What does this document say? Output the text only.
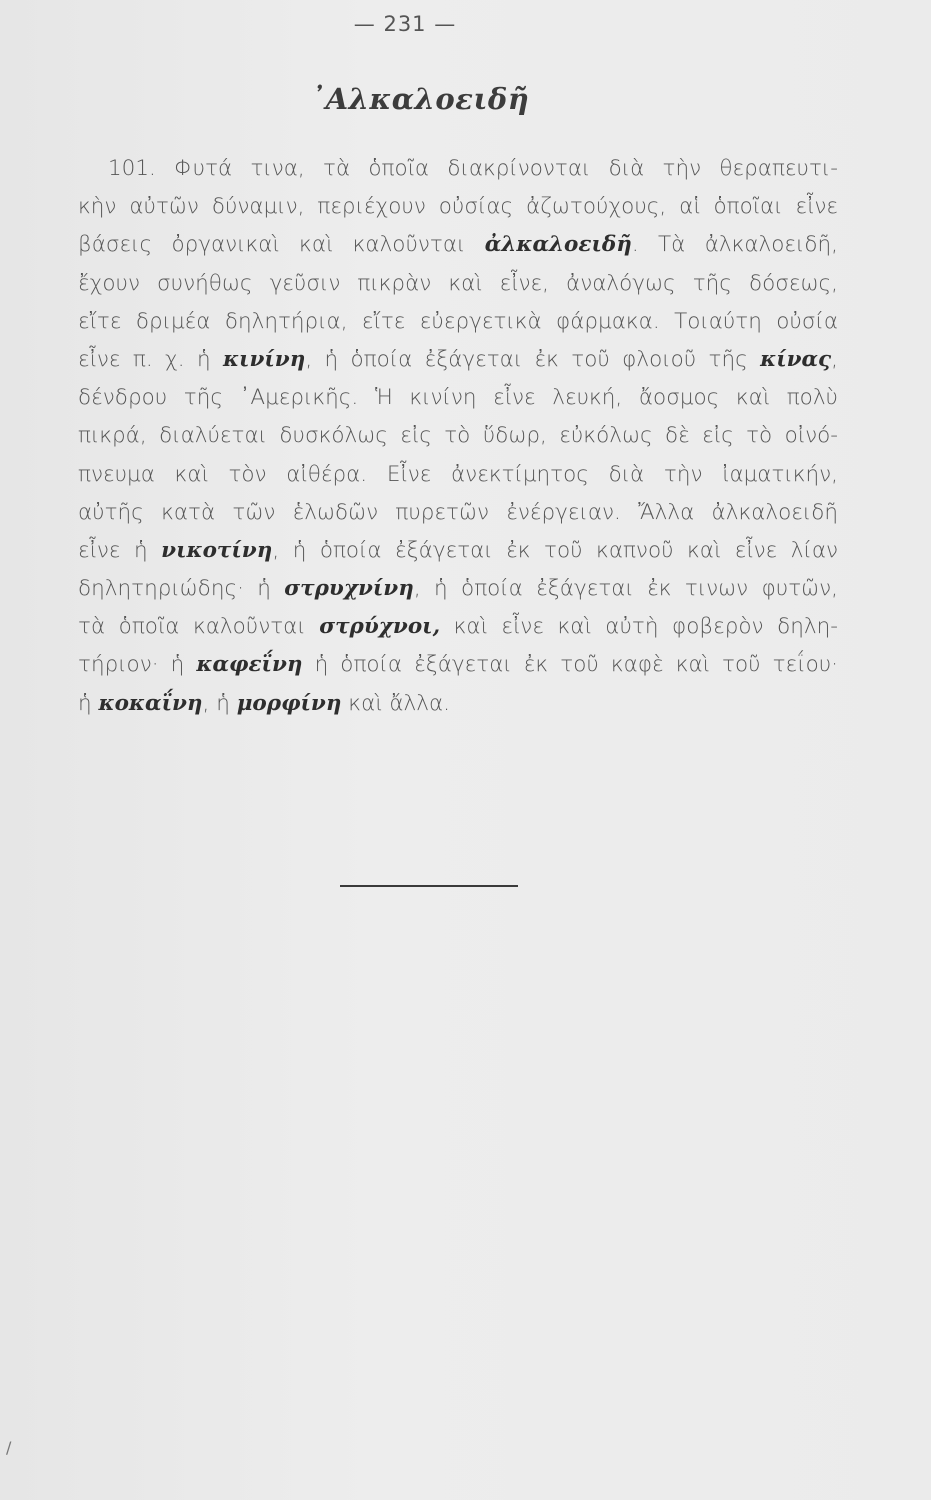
— 231 —
᾿Αλκαλοειδῆ
101. Φυτά τινα, τὰ ὁποῖα διακρίνονται διὰ τὴν θεραπευτι-
κὴν αὐτῶν δύναμιν, περιέχουν οὐσίας ἀζωτούχους, αἱ ὁποῖαι εἶνε
βάσεις ὀργανικαὶ καὶ καλοῦνται ἀλκαλοειδῆ. Τὰ ἀλκαλοειδῆ,
ἔχουν συνήθως γεῦσιν πικρὰν καὶ εἶνε, ἀναλόγως τῆς δόσεως,
εἴτε δριμέα δηλητήρια, εἴτε εὐεργετικὰ φάρμακα. Τοιαύτη οὐσία
εἶνε π. χ. ἡ κινίνη, ἡ ὁποία ἐξάγεται ἐκ τοῦ φλοιοῦ τῆς κίνας,
δένδρου τῆς ᾿Αμερικῆς. Ἡ κινίνη εἶνε λευκή, ἄοσμος καὶ πολὺ
πικρά, διαλύεται δυσκόλως εἰς τὸ ὕδωρ, εὐκόλως δὲ εἰς τὸ οἰνό-
πνευμα καὶ τὸν αἰθέρα. Εἶνε ἀνεκτίμητος διὰ τὴν ἰαματικήν,
αὐτῆς κατὰ τῶν ἑλωδῶν πυρετῶν ἐνέργειαν. Ἄλλα ἀλκαλοειδῆ
εἶνε ἡ νικοτίνη, ἡ ὁποία ἐξάγεται ἐκ τοῦ καπνοῦ καὶ εἶνε λίαν
δηλητηριώδης· ἡ στρυχνίνη, ἡ ὁποία ἐξάγεται ἐκ τινων φυτῶν,
τὰ ὁποῖα καλοῦνται στρύχνοι, καὶ εἶνε καὶ αὐτὴ φοβερὸν δηλη-
τήριον· ἡ καφεΐνη ἡ ὁποία ἐξάγεται ἐκ τοῦ καφὲ καὶ τοῦ τεΐου·
ἡ κοκαΐνη, ἡ μορφίνη καὶ ἄλλα.
/
